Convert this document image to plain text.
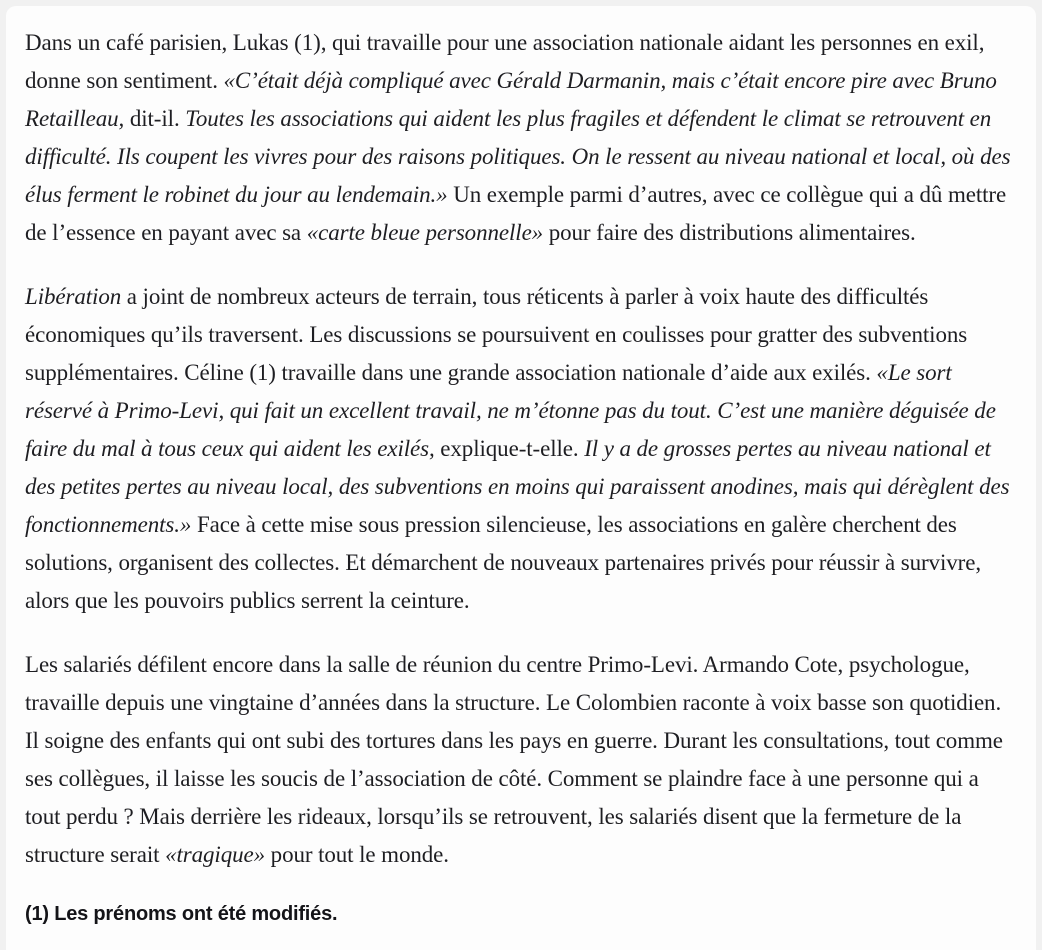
Dans un café parisien, Lukas (1), qui travaille pour une association nationale aidant les personnes en exil, donne son sentiment. «C’était déjà compliqué avec Gérald Darmanin, mais c’était encore pire avec Bruno Retailleau, dit-il. Toutes les associations qui aident les plus fragiles et défendent le climat se retrouvent en difficulté. Ils coupent les vivres pour des raisons politiques. On le ressent au niveau national et local, où des élus ferment le robinet du jour au lendemain.» Un exemple parmi d’autres, avec ce collègue qui a dû mettre de l’essence en payant avec sa «carte bleue personnelle» pour faire des distributions alimentaires.

Libération a joint de nombreux acteurs de terrain, tous réticents à parler à voix haute des difficultés économiques qu’ils traversent. Les discussions se poursuivent en coulisses pour gratter des subventions supplémentaires. Céline (1) travaille dans une grande association nationale d’aide aux exilés. «Le sort réservé à Primo-Levi, qui fait un excellent travail, ne m’étonne pas du tout. C’est une manière déguisée de faire du mal à tous ceux qui aident les exilés, explique-t-elle. Il y a de grosses pertes au niveau national et des petites pertes au niveau local, des subventions en moins qui paraissent anodines, mais qui dérèglent des fonctionnements.» Face à cette mise sous pression silencieuse, les associations en galère cherchent des solutions, organisent des collectes. Et démarchent de nouveaux partenaires privés pour réussir à survivre, alors que les pouvoirs publics serrent la ceinture.

Les salariés défilent encore dans la salle de réunion du centre Primo-Levi. Armando Cote, psychologue, travaille depuis une vingtaine d’années dans la structure. Le Colombien raconte à voix basse son quotidien. Il soigne des enfants qui ont subi des tortures dans les pays en guerre. Durant les consultations, tout comme ses collègues, il laisse les soucis de l’association de côté. Comment se plaindre face à une personne qui a tout perdu ? Mais derrière les rideaux, lorsqu’ils se retrouvent, les salariés disent que la fermeture de la structure serait «tragique» pour tout le monde.

(1) Les prénoms ont été modifiés.
